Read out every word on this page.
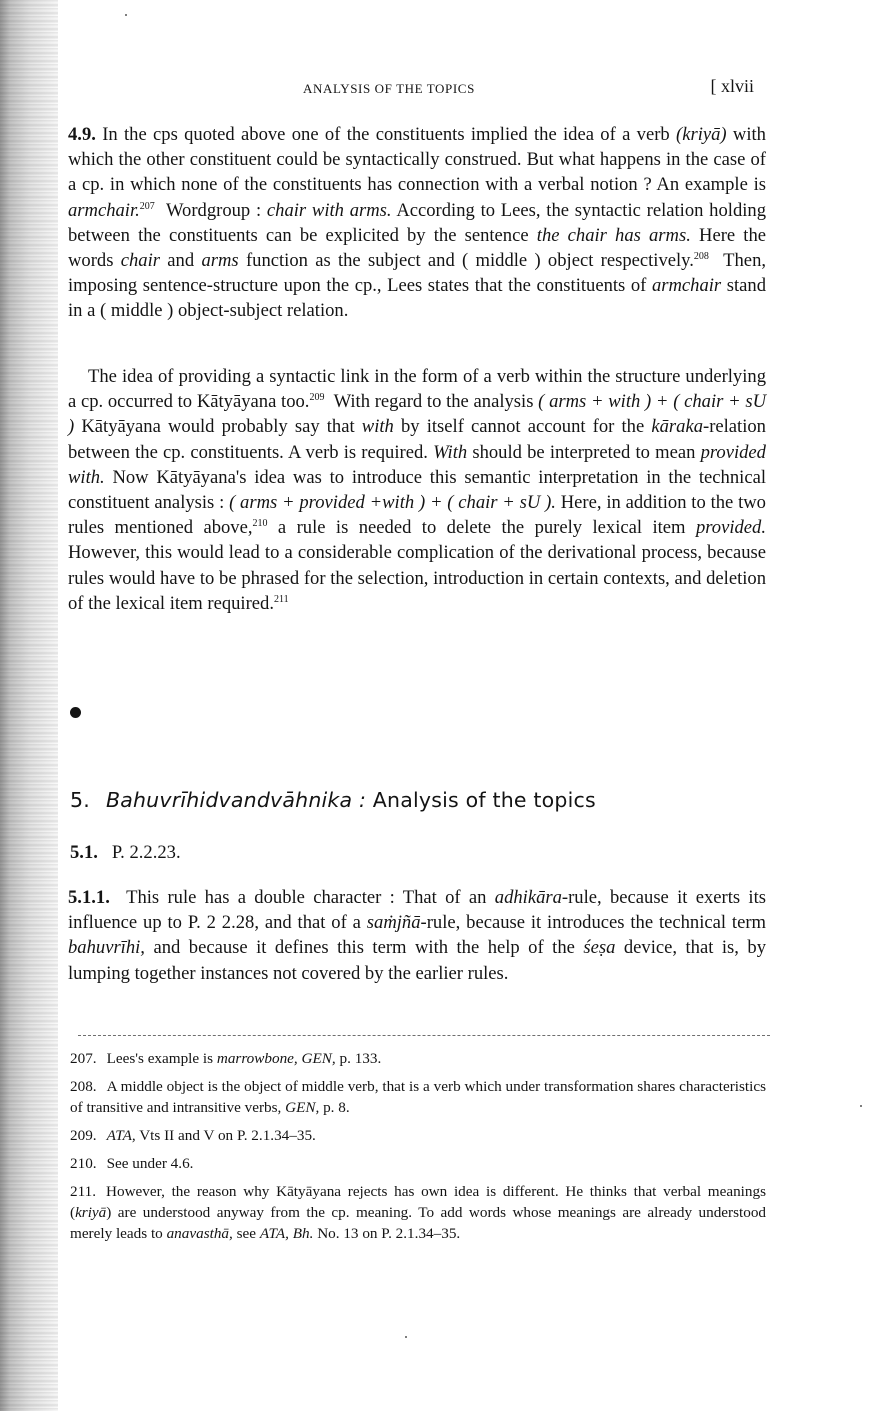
ANALYSIS OF THE TOPICS	[ xlvii

4.9. In the cps quoted above one of the constituents implied the idea of a verb (kriyā) with which the other constituent could be syntactically construed. But what happens in the case of a cp. in which none of the constituents has connection with a verbal notion ? An example is armchair.$^{207}$ Wordgroup : chair with arms. According to Lees, the syntactic relation holding between the constituents can be explicited by the sentence the chair has arms. Here the words chair and arms function as the subject and ( middle ) object respectively.$^{208}$ Then, imposing sentence-structure upon the cp., Lees states that the constituents of armchair stand in a ( middle ) object-subject relation.

The idea of providing a syntactic link in the form of a verb within the structure underlying a cp. occurred to Kātyāyana too.$^{209}$ With regard to the analysis ( arms + with ) + ( chair + sU ) Kātyāyana would probably say that with by itself cannot account for the kāraka-relation between the cp. constituents. A verb is required. With should be interpreted to mean provided with. Now Kātyāyana's idea was to introduce this semantic interpretation in the technical constituent analysis : ( arms + provided +with ) + ( chair + sU ). Here, in addition to the two rules mentioned above,$^{210}$ a rule is needed to delete the purely lexical item provided. However, this would lead to a considerable complication of the derivational process, because rules would have to be phrased for the selection, introduction in certain contexts, and deletion of the lexical item required.$^{211}$

5. Bahuvrīhidvandvāhnika : Analysis of the topics

5.1. P. 2.2.23.

5.1.1. This rule has a double character : That of an adhikāra-rule, because it exerts its influence up to P. 2 2.28, and that of a saṁjñā-rule, because it introduces the technical term bahuvrīhi, and because it defines this term with the help of the śeṣa device, that is, by lumping together instances not covered by the earlier rules.

207. Lees's example is marrowbone, GEN, p. 133.
208. A middle object is the object of middle verb, that is a verb which under transformation shares characteristics of transitive and intransitive verbs, GEN, p. 8.
209. ATA, Vts II and V on P. 2.1.34–35.
210. See under 4.6.
211. However, the reason why Kātyāyana rejects has own idea is different. He thinks that verbal meanings (kriyā) are understood anyway from the cp. meaning. To add words whose meanings are already understood merely leads to anavasthā, see ATA, Bh. No. 13 on P. 2.1.34–35.
